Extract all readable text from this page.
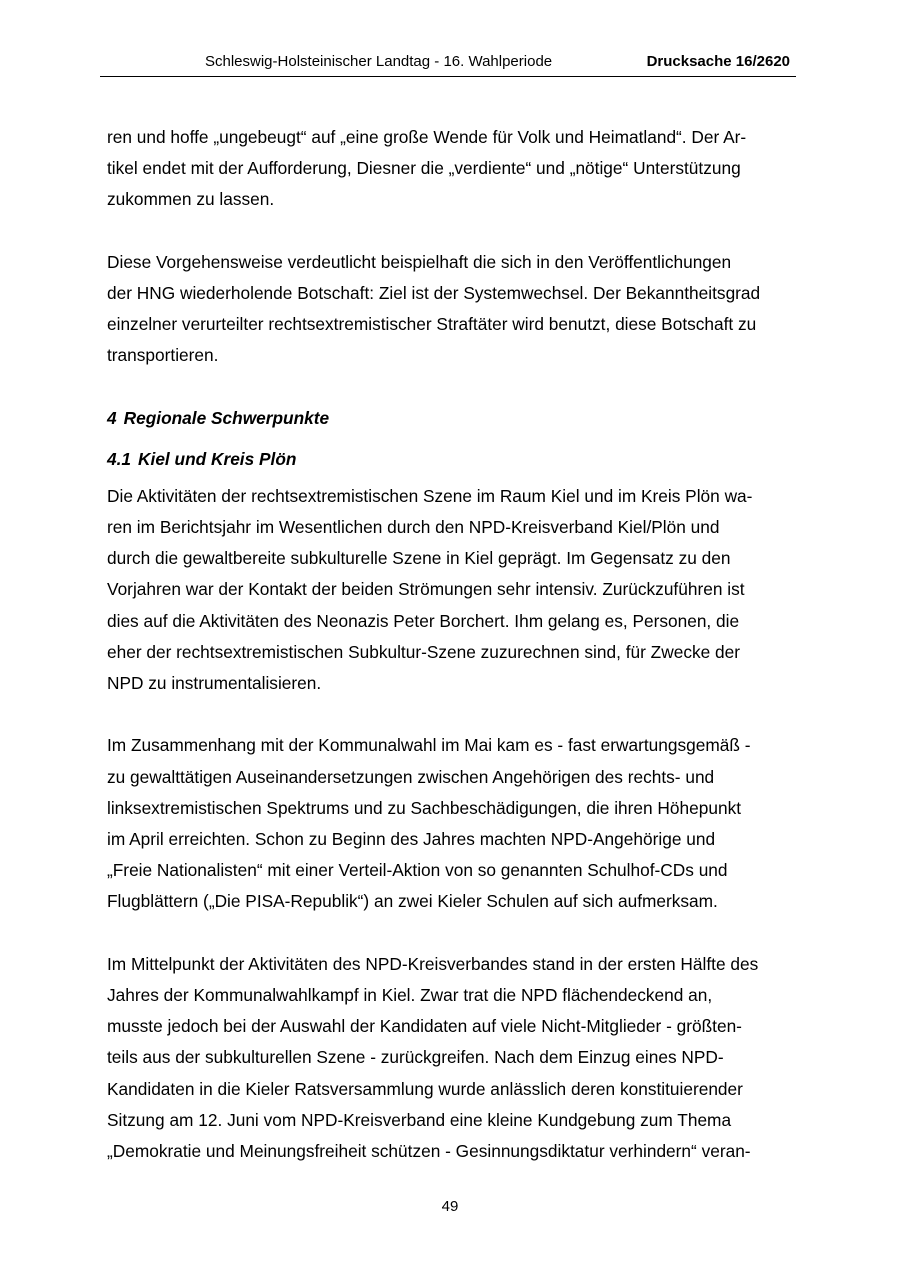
Schleswig-Holsteinischer Landtag - 16. Wahlperiode	Drucksache 16/2620

ren und hoffe „ungebeugt“ auf „eine große Wende für Volk und Heimatland“. Der Ar-

tikel endet mit der Aufforderung, Diesner die „verdiente“ und „nötige“ Unterstützung

zukommen zu lassen.

Diese Vorgehensweise verdeutlicht beispielhaft die sich in den Veröffentlichungen

der HNG wiederholende Botschaft: Ziel ist der Systemwechsel. Der Bekanntheitsgrad

einzelner verurteilter rechtsextremistischer Straftäter wird benutzt, diese Botschaft zu

transportieren.

4 Regionale Schwerpunkte
4.1 Kiel und Kreis Plön

Die Aktivitäten der rechtsextremistischen Szene im Raum Kiel und im Kreis Plön wa-

ren im Berichtsjahr im Wesentlichen durch den NPD-Kreisverband Kiel/Plön und

durch die gewaltbereite subkulturelle Szene in Kiel geprägt. Im Gegensatz zu den

Vorjahren war der Kontakt der beiden Strömungen sehr intensiv. Zurückzuführen ist

dies auf die Aktivitäten des Neonazis Peter Borchert. Ihm gelang es, Personen, die

eher der rechtsextremistischen Subkultur-Szene zuzurechnen sind, für Zwecke der

NPD zu instrumentalisieren.

Im Zusammenhang mit der Kommunalwahl im Mai kam es - fast erwartungsgemäß -

zu gewalttätigen Auseinandersetzungen zwischen Angehörigen des rechts- und

linksextremistischen Spektrums und zu Sachbeschädigungen, die ihren Höhepunkt

im April erreichten. Schon zu Beginn des Jahres machten NPD-Angehörige und

„Freie Nationalisten“ mit einer Verteil-Aktion von so genannten Schulhof-CDs und

Flugblättern („Die PISA-Republik“) an zwei Kieler Schulen auf sich aufmerksam.

Im Mittelpunkt der Aktivitäten des NPD-Kreisverbandes stand in der ersten Hälfte des

Jahres der Kommunalwahlkampf in Kiel. Zwar trat die NPD flächendeckend an,

musste jedoch bei der Auswahl der Kandidaten auf viele Nicht-Mitglieder - größten-

teils aus der subkulturellen Szene - zurückgreifen. Nach dem Einzug eines NPD-

Kandidaten in die Kieler Ratsversammlung wurde anlässlich deren konstituierender

Sitzung am 12. Juni vom NPD-Kreisverband eine kleine Kundgebung zum Thema

„Demokratie und Meinungsfreiheit schützen - Gesinnungsdiktatur verhindern“ veran-

49
